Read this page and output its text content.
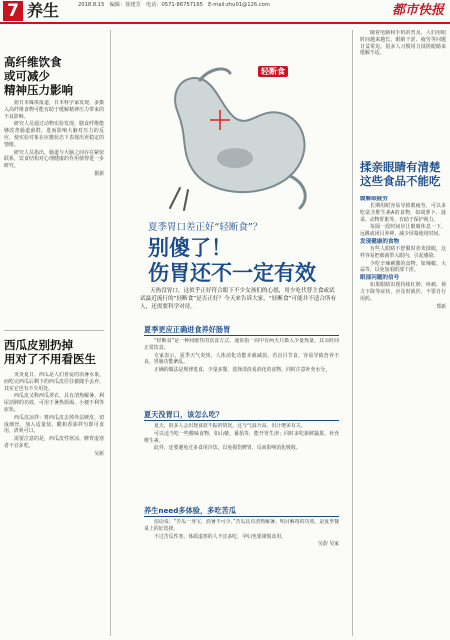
7 养生	2018.8.15　编辑：徐建芳　电话：0571-86757165　E-mail:zhu01@126.com	都市快报
高纤维饮食
或可减少
精神压力影响

据日本媒体报道，日本科学家发现，多摄入高纤维食物可能有助于缓解精神压力带来的不良影响。

研究人员通过动物实验发现，膳食纤维能够改善肠道菌群，进而影响大脑对压力的反应，使实验对象在应激状态下表现出更稳定的情绪。

研究人员指出，肠道与大脑之间存在紧密联系，饮食结构对心理健康的作用值得进一步研究。

据新
西瓜皮别扔掉
用对了不用看医生

炎炎夏日，西瓜是人们喜爱的消暑水果，而吃完西瓜后剩下的西瓜皮往往被随手丢弃，其实它也有不少用处。

西瓜皮又称西瓜翠衣，具有清热解暑、利尿消肿的功效，可用于暑热烦渴、小便不利等症状。

西瓜皮凉拌：将西瓜皮去掉外层硬皮，切成细丝，加入适量盐、醋和香油拌匀即可食用，清爽可口。

需要注意的是，西瓜皮性寒凉，脾胃虚寒者不宜多吃。

吴新
轻断食
夏季胃口差正好“轻断食”？
别傻了！
伤胃还不一定有效
天热没胃口，这似乎正好符合眼下不少女孩们的心愿，用少吃代替主食或试试最近流行的“轻断食”是否正好？今天来告诉大家，“轻断食”可能并不适合所有人，还需要科学对待。
夏季更应正确进食养好肠胃

“轻断食”是一种间歇性的饮食方式，通常指一周中有两天只摄入少量热量，其余时间正常饮食。

专家表示，夏季天气炎热，人体消化功能本就减弱，若盲目节食，容易导致营养不良、胃肠功能紊乱。

正确的做法是规律进食，少量多餐，选择清淡易消化的食物，同时注意补充水分。

夏天没胃口，该怎么吃？

夏天，很多人会出现食欲不振的情况，这与气温升高、出汗增多有关。

可以适当吃一些酸味食物，如山楂、番茄等，能开胃生津；同时多吃新鲜蔬果，补充维生素。

此外，还要避免过多食用冷饮，以免损伤脾胃，反而影响消化吸收。

养生need多体验，多吃苦瓜

俗话说：“苦瓜一身宝，消暑不可少。”苦瓜具有清热解暑、明目解毒的功效，是夏季餐桌上的好选择。

不过苦瓜性寒，体质虚寒的人不宜多吃，孕妇也要谨慎食用。

吴韵 吴家

随着电脑和手机的普及，人们用眼时间越来越长，眼睛干涩、疲劳等问题日益常见。很多人习惯用力揉搓眼睛来缓解不适。

揉亲眼睛有清楚
这些食品不能吃
缓解眼疲劳

长期用眼容易导致眼疲劳，可以多吃富含维生素A的食物，如胡萝卜、菠菜、动物肝脏等，有助于保护视力。

每隔一段时间应让眼睛休息一下，远眺或闭目养神，减少屏幕使用时间。

发现健康的食物

有些人眼睛不舒服时喜欢揉眼，这样容易把细菌带入眼内，引起感染。

少吃辛辣刺激的食物，如辣椒、大蒜等，以免加重眼部干涩。

眼部问题的信号

如果眼睛出现持续红肿、疼痛、视力下降等症状，应及时就医，不要自行用药。

郑新
